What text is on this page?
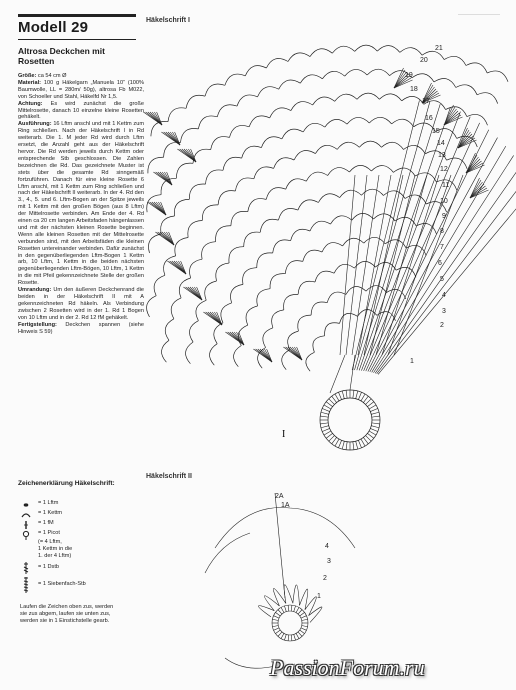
Modell 29
Altrosa Deckchen mit Rosetten

Größe: ca 54 cm Ø

Material: 100 g Häkelgarn „Manuela 10“ (100% Baumwolle, LL = 280m/ 50g), altrosa Fb M022, von Schoeller und Stahl, Häkelfd Nr 1,5.

Achtung: Es wird zunächst die große Mittelrosette, danach 10 einzelne kleine Rosetten gehäkelt.

Ausführung: 16 Lftm anschl und mit 1 Kettm zum Ring schließen. Nach der Häkelschrift I in Rd weiterarb. Die 1. M jeder Rd wird durch Lftm ersetzt, die Anzahl geht aus der Häkelschrift hervor. Die Rd werden jeweils durch Kettm oder entsprechende Stb geschlossen. Die Zahlen bezeichnen die Rd. Das gezeichnete Muster ist stets über die gesamte Rd sinngemäß fortzuführen. Danach für eine kleine Rosette 6 Lftm anschl, mit 1 Kettm zum Ring schließen und nach der Häkelschrift II weiterarb. In der 4. Rd den 3., 4., 5. und 6. Lftm-Bogen an der Spitze jeweils mit 1 Kettm mit den großen Bögen (aus 8 Lftm) der Mittelrosette verbinden. Am Ende der 4. Rd einen ca 20 cm langen Arbeitsfaden hängenlassen und mit der nächsten kleinen Rosette beginnen. Wenn alle kleinen Rosetten mit der Mittelrosette verbunden sind, mit den Arbeitsfäden die kleinen Rosetten untereinander verbinden. Dafür zunächst in den gegenüberliegenden Lftm-Bogen 1 Kettm arb, 10 Lftm, 1 Kettm in die beiden nächsten gegenüberliegenden Lftm-Bögen, 10 Lftm, 1 Kettm in die mit Pfeil gekennzeichnete Stelle der großen Rosette.

Umrandung: Um den äußeren Deckchenrand die beiden in der Häkelschrift II mit A gekennzeichneten Rd häkeln. Als Verbindung zwischen 2 Rosetten wird in der 1. Rd 1 Bogen von 10 Lftm und in der 2. Rd 12 fM gehäkelt.

Fertigstellung: Deckchen spannen (siehe Hinweis S 59)

Häkelschrift I
Häkelschrift II
21
20
19
18
17
16
15
14
13
12
11
10
9
8
7
6
5
4
3
2
1
I
2A
1A
4
3
2
1
Zeichenerklärung Häkelschrift:
= 1 Lftm
= 1 Kettm
= 1 fM
= 1 Picot
(= 4 Lftm,
1 Kettm in die
1. der 4 Lftm)
= 1 Dstb
= 1 Siebenfach-Stb
Laufen die Zeichen oben zus, werden sie zus abgem, laufen sie unten zus, werden sie in 1 Einstichstelle gearb.
PassionForum.ru
